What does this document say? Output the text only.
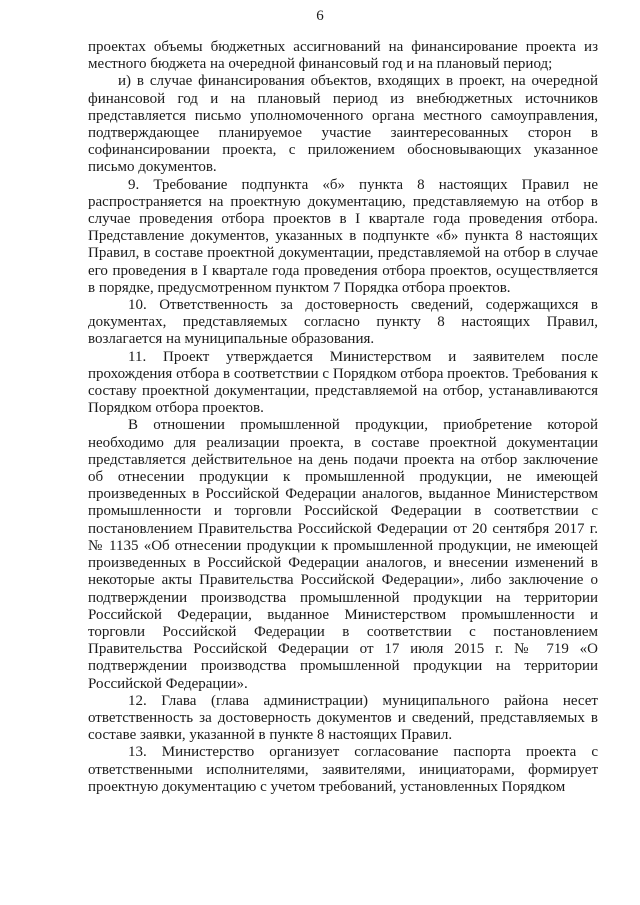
6

проектах объемы бюджетных ассигнований на финансирование проекта из местного бюджета на очередной финансовый год и на плановый период;

и) в случае финансирования объектов, входящих в проект, на очередной финансовой год и на плановый период из внебюджетных источников представляется письмо уполномоченного органа местного самоуправления, подтверждающее планируемое участие заинтересованных сторон в софинансировании проекта, с приложением обосновывающих указанное письмо документов.

9. Требование подпункта «б» пункта 8 настоящих Правил не распространяется на проектную документацию, представляемую на отбор в случае проведения отбора проектов в I квартале года проведения отбора. Представление документов, указанных в подпункте «б» пункта 8 настоящих Правил, в составе проектной документации, представляемой на отбор в случае его проведения в I квартале года проведения отбора проектов, осуществляется в порядке, предусмотренном пунктом 7 Порядка отбора проектов.

10. Ответственность за достоверность сведений, содержащихся в документах, представляемых согласно пункту 8 настоящих Правил, возлагается на муниципальные образования.

11. Проект утверждается Министерством и заявителем после прохождения отбора в соответствии с Порядком отбора проектов. Требования к составу проектной документации, представляемой на отбор, устанавливаются Порядком отбора проектов.

В отношении промышленной продукции, приобретение которой необходимо для реализации проекта, в составе проектной документации представляется действительное на день подачи проекта на отбор заключение об отнесении продукции к промышленной продукции, не имеющей произведенных в Российской Федерации аналогов, выданное Министерством промышленности и торговли Российской Федерации в соответствии с постановлением Правительства Российской Федерации от 20 сентября 2017 г. № 1135 «Об отнесении продукции к промышленной продукции, не имеющей произведенных в Российской Федерации аналогов, и внесении изменений в некоторые акты Правительства Российской Федерации», либо заключение о подтверждении производства промышленной продукции на территории Российской Федерации, выданное Министерством промышленности и торговли Российской Федерации в соответствии с постановлением Правительства Российской Федерации от 17 июля 2015 г. № 719 «О подтверждении производства промышленной продукции на территории Российской Федерации».

12. Глава (глава администрации) муниципального района несет ответственность за достоверность документов и сведений, представляемых в составе заявки, указанной в пункте 8 настоящих Правил.

13. Министерство организует согласование паспорта проекта с ответственными исполнителями, заявителями, инициаторами, формирует проектную документацию с учетом требований, установленных Порядком
